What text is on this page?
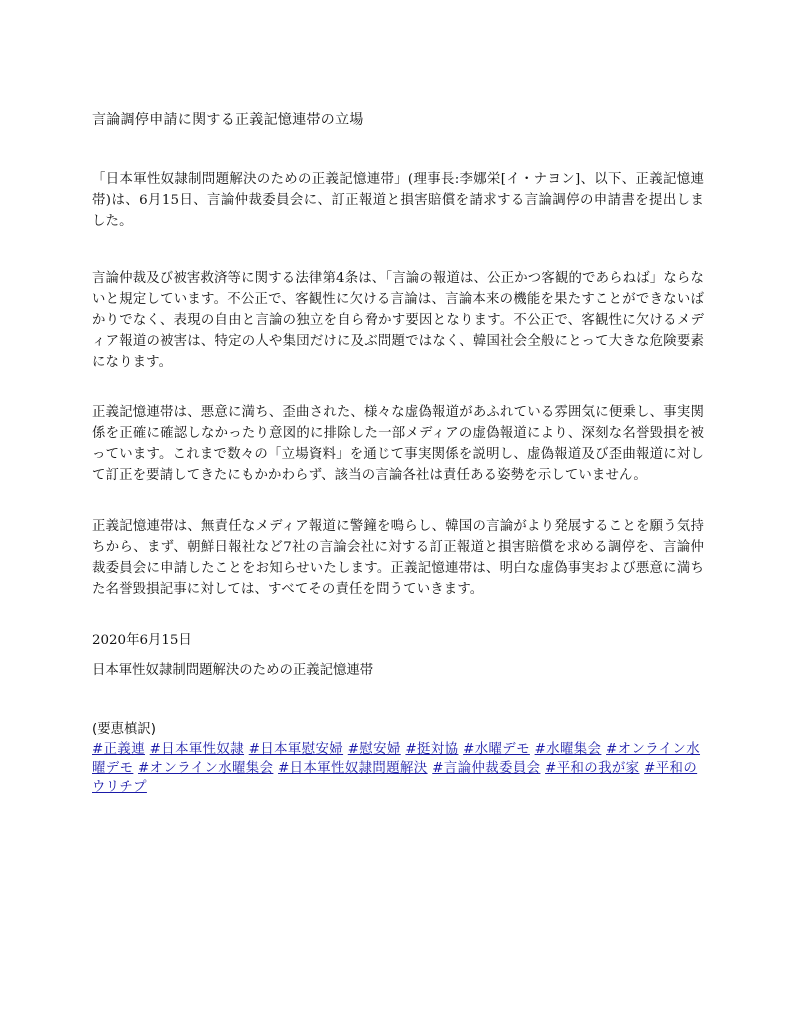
言論調停申請に関する正義記憶連帯の立場

「日本軍性奴隷制問題解決のための正義記憶連帯」(理事長:李娜栄[イ・ナヨン]、以下、正義記憶連帯)は、6月15日、言論仲裁委員会に、訂正報道と損害賠償を請求する言論調停の申請書を提出しました。

言論仲裁及び被害救済等に関する法律第4条は、「言論の報道は、公正かつ客観的であらねば」ならないと規定しています。不公正で、客観性に欠ける言論は、言論本来の機能を果たすことができないばかりでなく、表現の自由と言論の独立を自ら脅かす要因となります。不公正で、客観性に欠けるメディア報道の被害は、特定の人や集団だけに及ぶ問題ではなく、韓国社会全般にとって大きな危険要素になります。

正義記憶連帯は、悪意に満ち、歪曲された、様々な虚偽報道があふれている雰囲気に便乗し、事実関係を正確に確認しなかったり意図的に排除した一部メディアの虚偽報道により、深刻な名誉毀損を被っています。これまで数々の「立場資料」を通じて事実関係を説明し、虚偽報道及び歪曲報道に対して訂正を要請してきたにもかかわらず、該当の言論各社は責任ある姿勢を示していません。

正義記憶連帯は、無責任なメディア報道に警鐘を鳴らし、韓国の言論がより発展することを願う気持ちから、まず、朝鮮日報社など7社の言論会社に対する訂正報道と損害賠償を求める調停を、言論仲裁委員会に申請したことをお知らせいたします。正義記憶連帯は、明白な虚偽事実および悪意に満ちた名誉毀損記事に対しては、すべてその責任を問うていきます。

2020年6月15日
日本軍性奴隷制問題解決のための正義記憶連帯
(要恵槙訳)
#正義連 #日本軍性奴隷 #日本軍慰安婦 #慰安婦 #挺対協 #水曜デモ #水曜集会 #オンライン水曜デモ #オンライン水曜集会 #日本軍性奴隷問題解決 #言論仲裁委員会 #平和の我が家 #平和のウリチプ
